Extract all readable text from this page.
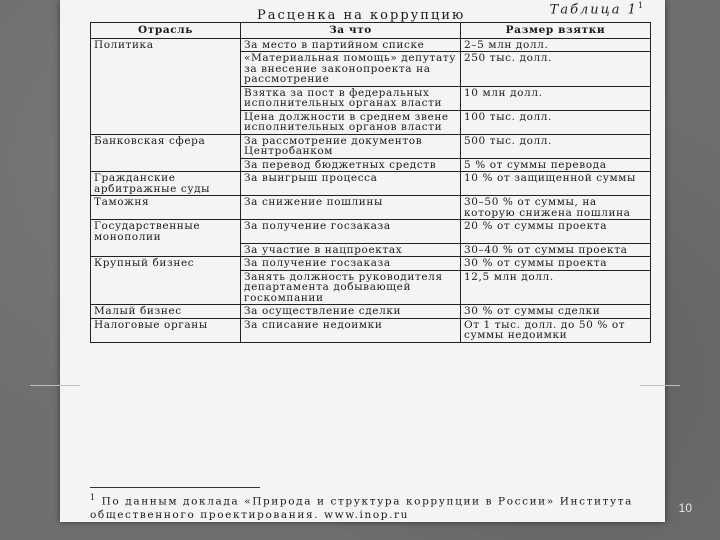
Таблица $1^1$
Расценка на коррупцию
Отрасль	За что	Размер взятки
Политика	За место в партийном списке	2–5 млн долл.
	«Материальная помощь» депутату за внесение законопроекта на рассмотрение	250 тыс. долл.
	Взятка за пост в федеральных исполнительных органах власти	10 млн долл.
	Цена должности в среднем звене исполнительных органов власти	100 тыс. долл.
Банковская сфера	За рассмотрение документов Центробанком	500 тыс. долл.
	За перевод бюджетных средств	5 % от суммы перевода
Гражданские арбитражные суды	За выигрыш процесса	10 % от защищенной суммы
Таможня	За снижение пошлины	30–50 % от суммы, на которую снижена пошлина
Государственные монополии	За получение госзаказа	20 % от суммы проекта
	За участие в нацпроектах	30–40 % от суммы проекта
Крупный бизнес	За получение госзаказа	30 % от суммы проекта
	Занять должность руководителя департамента добывающей госкомпании	12,5 млн долл.
Малый бизнес	За осуществление сделки	30 % от суммы сделки
Налоговые органы	За списание недоимки	От 1 тыс. долл. до 50 % от суммы недоимки
$^1$ По данным доклада «Природа и структура коррупции в России» Института общественного проектирования. www.inop.ru	10
